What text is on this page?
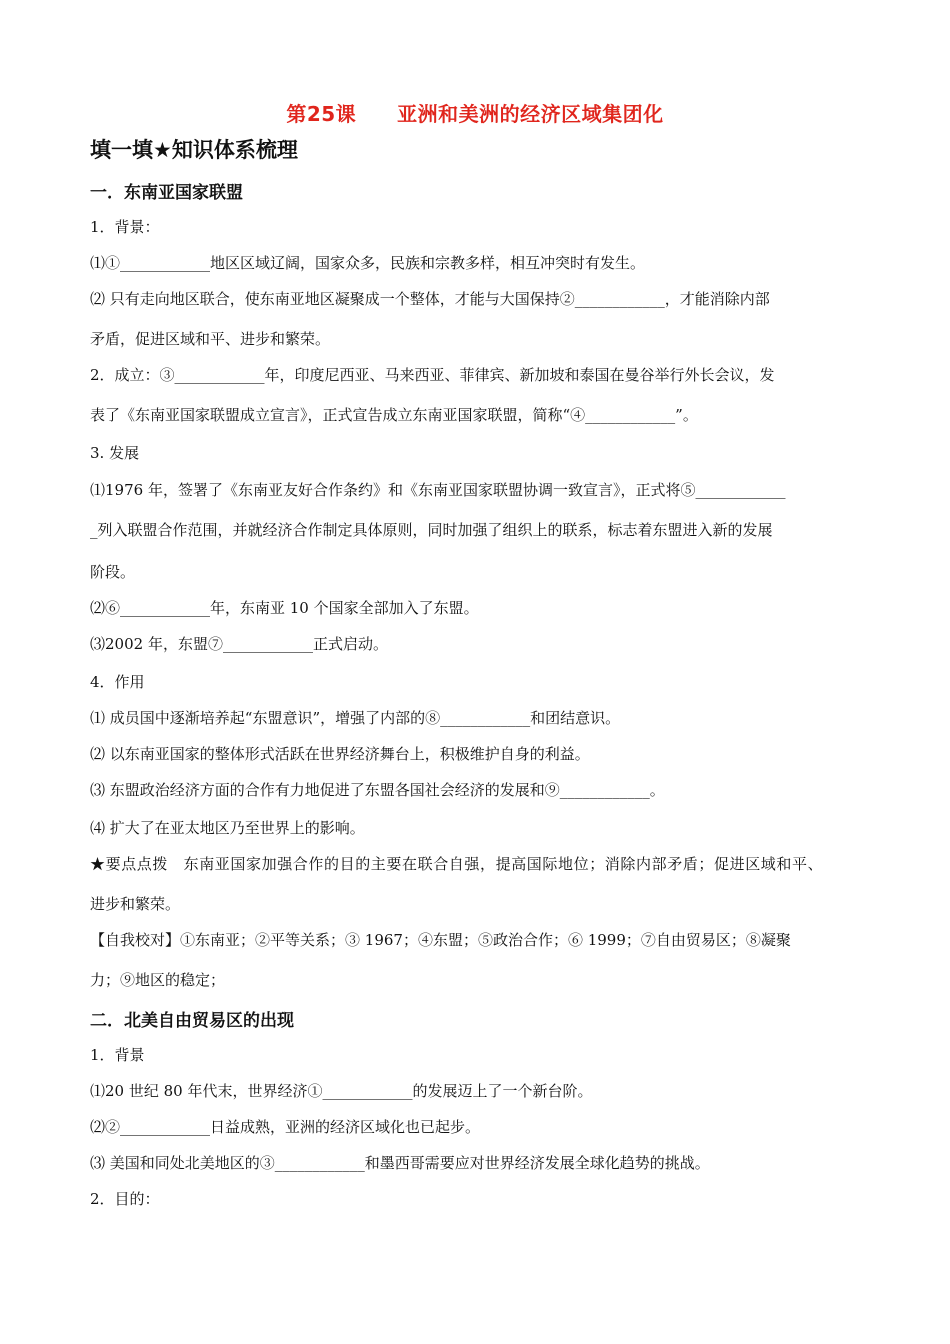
第25课　　亚洲和美洲的经济区域集团化
填一填★知识体系梳理
一．东南亚国家联盟
1．背景：
⑴①____________地区区域辽阔，国家众多，民族和宗教多样，相互冲突时有发生。
⑵ 只有走向地区联合，使东南亚地区凝聚成一个整体，才能与大国保持②____________，才能消除内部
矛盾，促进区域和平、进步和繁荣。
2．成立：③____________年，印度尼西亚、马来西亚、菲律宾、新加坡和泰国在曼谷举行外长会议，发
表了《东南亚国家联盟成立宣言》，正式宣告成立东南亚国家联盟，简称“④____________”。
3. 发展
⑴1976 年，签署了《东南亚友好合作条约》和《东南亚国家联盟协调一致宣言》，正式将⑤____________
_列入联盟合作范围，并就经济合作制定具体原则，同时加强了组织上的联系，标志着东盟进入新的发展
阶段。
⑵⑥____________年，东南亚 10 个国家全部加入了东盟。
⑶2002 年，东盟⑦____________正式启动。
4．作用
⑴ 成员国中逐渐培养起“东盟意识”，增强了内部的⑧____________和团结意识。
⑵ 以东南亚国家的整体形式活跃在世界经济舞台上，积极维护自身的利益。
⑶ 东盟政治经济方面的合作有力地促进了东盟各国社会经济的发展和⑨____________。
⑷ 扩大了在亚太地区乃至世界上的影响。
★要点点拨　东南亚国家加强合作的目的主要在联合自强，提高国际地位；消除内部矛盾；促进区域和平、
进步和繁荣。
【自我校对】①东南亚；②平等关系；③ 1967；④东盟；⑤政治合作；⑥ 1999；⑦自由贸易区；⑧凝聚
力；⑨地区的稳定；
二．北美自由贸易区的出现
1．背景
⑴20 世纪 80 年代末，世界经济①____________的发展迈上了一个新台阶。
⑵②____________日益成熟，亚洲的经济区域化也已起步。
⑶ 美国和同处北美地区的③____________和墨西哥需要应对世界经济发展全球化趋势的挑战。
2．目的：
